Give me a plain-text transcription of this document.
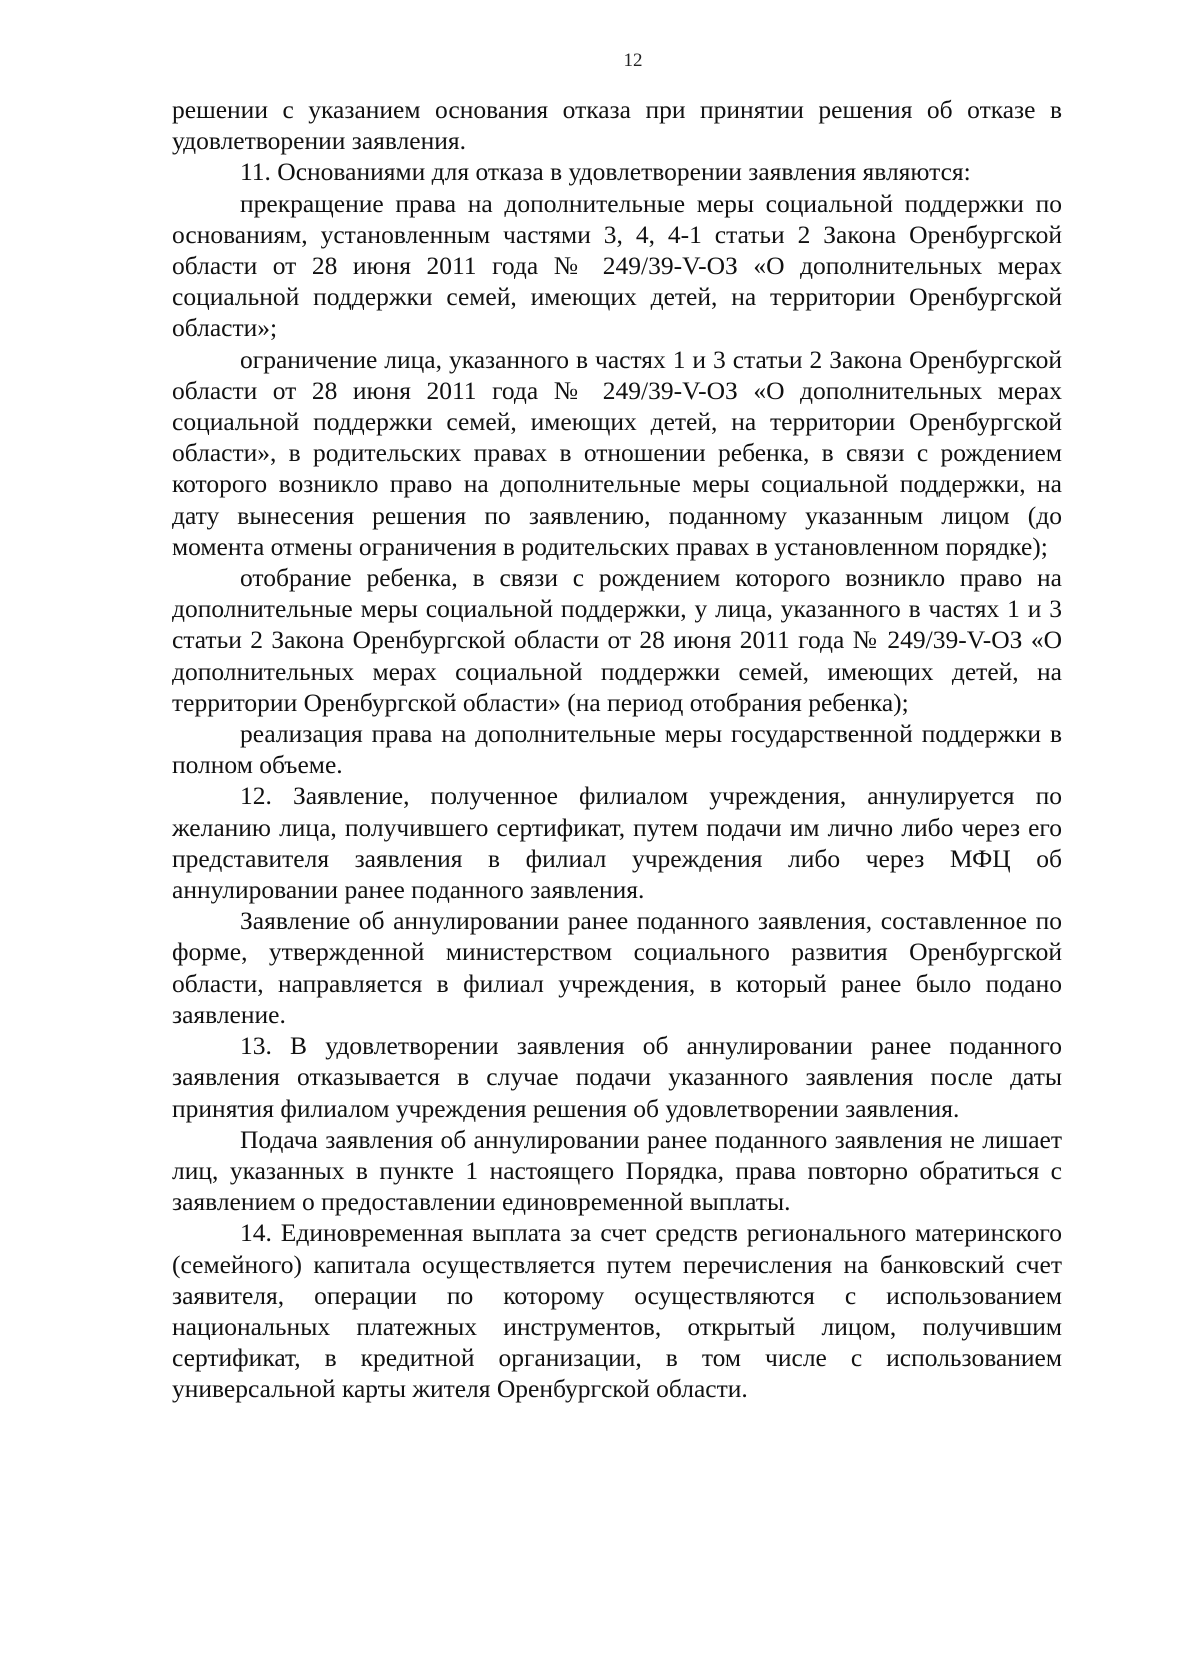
12

решении с указанием основания отказа при принятии решения об отказе в удовлетворении заявления.

11. Основаниями для отказа в удовлетворении заявления являются:

прекращение права на дополнительные меры социальной поддержки по основаниям, установленным частями 3, 4, 4-1 статьи 2 Закона Оренбургской области от 28 июня 2011 года № 249/39-V-ОЗ «О дополнительных мерах социальной поддержки семей, имеющих детей, на территории Оренбургской области»;

ограничение лица, указанного в частях 1 и 3 статьи 2 Закона Оренбургской области от 28 июня 2011 года № 249/39-V-ОЗ «О дополнительных мерах социальной поддержки семей, имеющих детей, на территории Оренбургской области», в родительских правах в отношении ребенка, в связи с рождением которого возникло право на дополнительные меры социальной поддержки, на дату вынесения решения по заявлению, поданному указанным лицом (до момента отмены ограничения в родительских правах в установленном порядке);

отобрание ребенка, в связи с рождением которого возникло право на дополнительные меры социальной поддержки, у лица, указанного в частях 1 и 3 статьи 2 Закона Оренбургской области от 28 июня 2011 года № 249/39-V-ОЗ «О дополнительных мерах социальной поддержки семей, имеющих детей, на территории Оренбургской области» (на период отобрания ребенка);

реализация права на дополнительные меры государственной поддержки в полном объеме.

12. Заявление, полученное филиалом учреждения, аннулируется по желанию лица, получившего сертификат, путем подачи им лично либо через его представителя заявления в филиал учреждения либо через МФЦ об аннулировании ранее поданного заявления.

Заявление об аннулировании ранее поданного заявления, составленное по форме, утвержденной министерством социального развития Оренбургской области, направляется в филиал учреждения, в который ранее было подано заявление.

13. В удовлетворении заявления об аннулировании ранее поданного заявления отказывается в случае подачи указанного заявления после даты принятия филиалом учреждения решения об удовлетворении заявления.

Подача заявления об аннулировании ранее поданного заявления не лишает лиц, указанных в пункте 1 настоящего Порядка, права повторно обратиться с заявлением о предоставлении единовременной выплаты.

14. Единовременная выплата за счет средств регионального материнского (семейного) капитала осуществляется путем перечисления на банковский счет заявителя, операции по которому осуществляются с использованием национальных платежных инструментов, открытый лицом, получившим сертификат, в кредитной организации, в том числе с использованием универсальной карты жителя Оренбургской области.
